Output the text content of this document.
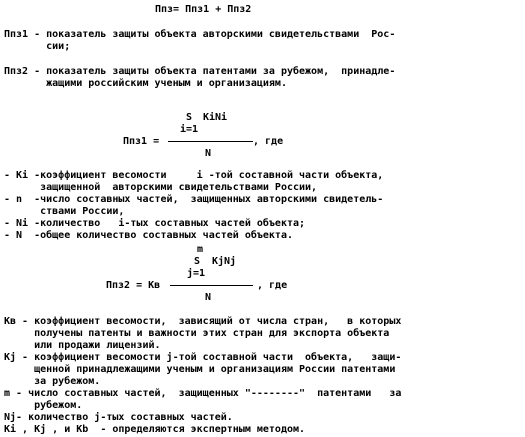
Ппз= Ппз1 + Ппз2
Ппз1 - показатель защиты объекта авторскими свидетельствами  Рос-
сии;
Ппз2 - показатель защиты объекта патентами за рубежом,  принадле-
жащими российским ученым и организациям.
S KiNi
i=1
Ппз1 =	, где
N
- Ki -коэффициент весомости     i -той составной части объекта,
защищенной  авторскими свидетельствами России,
- n  -число составных частей,  защищенных авторскими свидетель-
ствами России,
- Ni -количество   i-тых составных частей объекта;
- N  -общее количество составных частей объекта.
m
S KjNj
j=1
Ппз2 = Кв	, где
N
Кв - коэффициент весомости,  зависящий от числа стран,   в которых
получены патенты и важности этих стран для экспорта объекта
или продажи лицензий.
Kj - коэффициент весомости j-той составной части  объекта,   защи-
щенной принадлежащими ученым и организациям России патентами
за рубежом.
m - число составных частей,  защищенных "--------"  патентами   за
рубежом.
Nj- количество j-тых составных частей.
Ki , Kj , и Kb  - определяются экспертным методом.
